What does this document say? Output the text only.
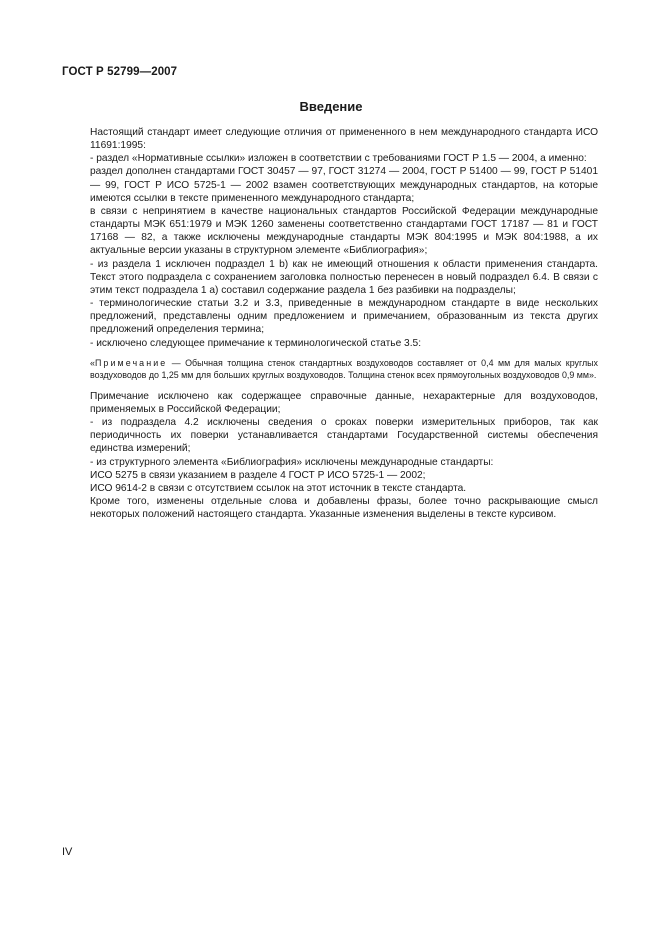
ГОСТ Р 52799—2007
Введение

Настоящий стандарт имеет следующие отличия от примененного в нем международного стандарта ИСО 11691:1995:

- раздел «Нормативные ссылки» изложен в соответствии с требованиями ГОСТ Р 1.5 — 2004, а именно:

раздел дополнен стандартами ГОСТ 30457 — 97, ГОСТ 31274 — 2004, ГОСТ Р 51400 — 99, ГОСТ Р 51401 — 99, ГОСТ Р ИСО 5725-1 — 2002 взамен соответствующих международных стандартов, на которые имеются ссылки в тексте примененного международного стандарта;

в связи с непринятием в качестве национальных стандартов Российской Федерации международные стандарты МЭК 651:1979 и МЭК 1260 заменены соответственно стандартами ГОСТ 17187 — 81 и ГОСТ 17168 — 82, а также исключены международные стандарты МЭК 804:1995 и МЭК 804:1988, а их актуальные версии указаны в структурном элементе «Библиография»;

- из раздела 1 исключен подраздел 1 b) как не имеющий отношения к области применения стандарта. Текст этого подраздела с сохранением заголовка полностью перенесен в новый подраздел 6.4. В связи с этим текст подраздела 1 а) составил содержание раздела 1 без разбивки на подразделы;

- терминологические статьи 3.2 и 3.3, приведенные в международном стандарте в виде нескольких предложений, представлены одним предложением и примечанием, образованным из текста других предложений определения термина;

- исключено следующее примечание к терминологической статье 3.5:

«Примечание — Обычная толщина стенок стандартных воздуховодов составляет от 0,4 мм для малых круглых воздуховодов до 1,25 мм для больших круглых воздуховодов. Толщина стенок всех прямоугольных воздуховодов 0,9 мм».

Примечание исключено как содержащее справочные данные, нехарактерные для воздуховодов, применяемых в Российской Федерации;

- из подраздела 4.2 исключены сведения о сроках поверки измерительных приборов, так как периодичность их поверки устанавливается стандартами Государственной системы обеспечения единства измерений;

- из структурного элемента «Библиография» исключены международные стандарты:

ИСО 5275 в связи указанием в разделе 4 ГОСТ Р ИСО 5725-1 — 2002;

ИСО 9614-2 в связи с отсутствием ссылок на этот источник в тексте стандарта.

Кроме того, изменены отдельные слова и добавлены фразы, более точно раскрывающие смысл некоторых положений настоящего стандарта. Указанные изменения выделены в тексте курсивом.

IV
